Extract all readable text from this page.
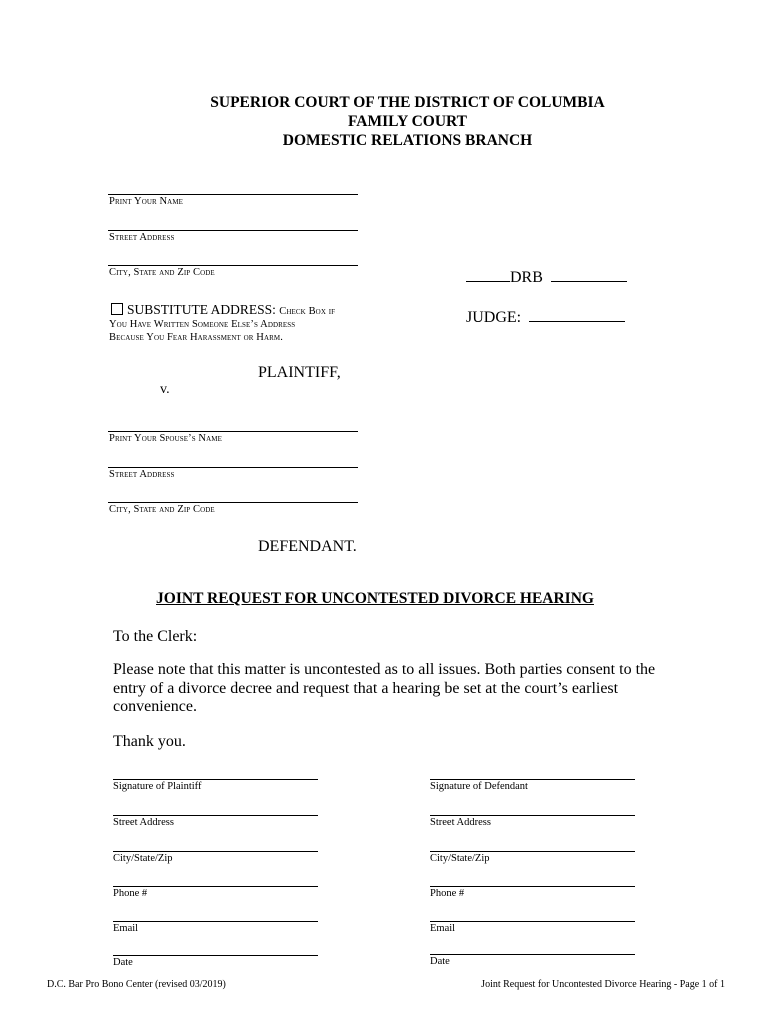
SUPERIOR COURT OF THE DISTRICT OF COLUMBIA
FAMILY COURT
DOMESTIC RELATIONS BRANCH
Print Your Name
Street Address
City, State and Zip Code
SUBSTITUTE ADDRESS: Check Box if
You Have Written Someone Else’s Address
Because You Fear Harassment or Harm.
PLAINTIFF,
v.
DRB
JUDGE:
Print Your Spouse’s Name
Street Address
City, State and Zip Code
DEFENDANT.
JOINT REQUEST FOR UNCONTESTED DIVORCE HEARING
To the Clerk:
Please note that this matter is uncontested as to all issues. Both parties consent to the
entry of a divorce decree and request that a hearing be set at the court’s earliest
convenience.
Thank you.
Signature of Plaintiff
Street Address
City/State/Zip
Phone #
Email
Date
Signature of Defendant
Street Address
City/State/Zip
Phone #
Email
Date
D.C. Bar Pro Bono Center (revised 03/2019)	Joint Request for Uncontested Divorce Hearing - Page 1 of 1
